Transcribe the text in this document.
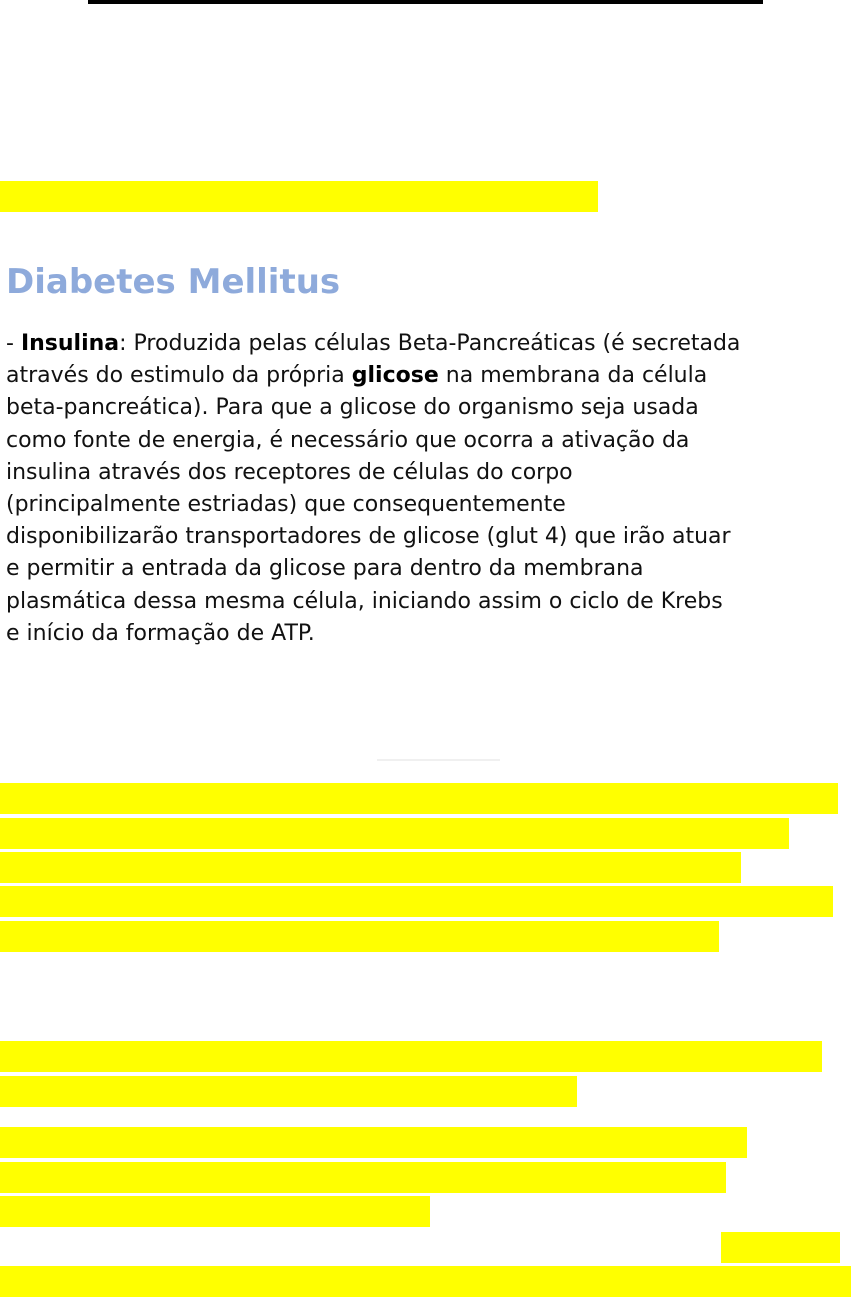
Diabetes Mellitus

- Insulina: Produzida pelas células Beta-Pancreáticas (é secretada
através do estimulo da própria glicose na membrana da célula
beta-pancreática). Para que a glicose do organismo seja usada
como fonte de energia, é necessário que ocorra a ativação da
insulina através dos receptores de células do corpo
(principalmente estriadas) que consequentemente
disponibilizarão transportadores de glicose (glut 4) que irão atuar
e permitir a entrada da glicose para dentro da membrana
plasmática dessa mesma célula, iniciando assim o ciclo de Krebs
e início da formação de ATP.
